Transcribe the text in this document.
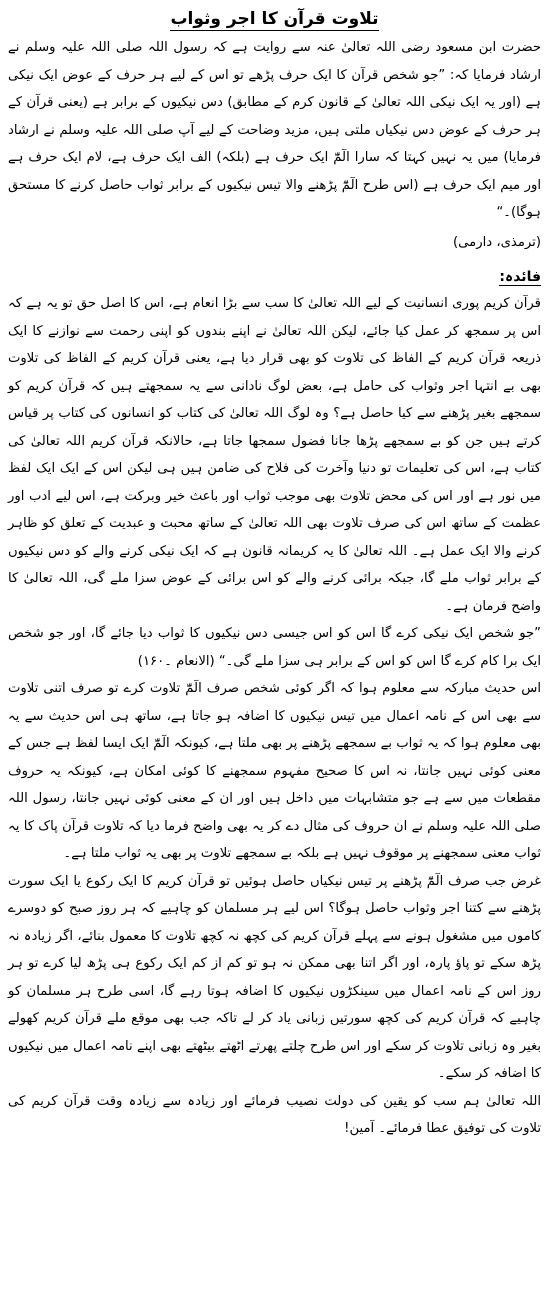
تلاوت قرآن کا اجر وثواب

حضرت ابن مسعود رضی اللہ تعالیٰ عنہ سے روایت ہے کہ رسول اللہ صلی اللہ علیہ وسلم نے ارشاد فرمایا کہ: ”جو شخص قرآن کا ایک حرف پڑھے تو اس کے لیے ہر حرف کے عوض ایک نیکی ہے (اور یہ ایک نیکی اللہ تعالیٰ کے قانون کرم کے مطابق) دس نیکیوں کے برابر ہے (یعنی قرآن کے ہر حرف کے عوض دس نیکیاں ملتی ہیں، مزید وضاحت کے لیے آپ صلی اللہ علیہ وسلم نے ارشاد فرمایا) میں یہ نہیں کہتا کہ سارا الٓمّٓ ایک حرف ہے (بلکہ) الف ایک حرف ہے، لام ایک حرف ہے اور میم ایک حرف ہے (اس طرح الٓمّٓ پڑھنے والا تیس نیکیوں کے برابر ثواب حاصل کرنے کا مستحق ہوگا)۔“

(ترمذی، دارمی)

فائدہ:

قرآن کریم پوری انسانیت کے لیے اللہ تعالیٰ کا سب سے بڑا انعام ہے، اس کا اصل حق تو یہ ہے کہ اس پر سمجھ کر عمل کیا جائے، لیکن اللہ تعالیٰ نے اپنے بندوں کو اپنی رحمت سے نوازنے کا ایک ذریعہ قرآن کریم کے الفاظ کی تلاوت کو بھی قرار دیا ہے، یعنی قرآن کریم کے الفاظ کی تلاوت بھی بے انتہا اجر وثواب کی حامل ہے، بعض لوگ نادانی سے یہ سمجھتے ہیں کہ قرآن کریم کو سمجھے بغیر پڑھنے سے کیا حاصل ہے؟ وہ لوگ اللہ تعالیٰ کی کتاب کو انسانوں کی کتاب پر قیاس کرتے ہیں جن کو بے سمجھے پڑھا جانا فضول سمجھا جاتا ہے، حالانکہ قرآن کریم اللہ تعالیٰ کی کتاب ہے، اس کی تعلیمات تو دنیا وآخرت کی فلاح کی ضامن ہیں ہی لیکن اس کے ایک ایک لفظ میں نور ہے اور اس کی محض تلاوت بھی موجب ثواب اور باعث خیر وبرکت ہے، اس لیے ادب اور عظمت کے ساتھ اس کی صرف تلاوت بھی اللہ تعالیٰ کے ساتھ محبت و عبدیت کے تعلق کو ظاہر کرنے والا ایک عمل ہے۔ اللہ تعالیٰ کا یہ کریمانہ قانون ہے کہ ایک نیکی کرنے والے کو دس نیکیوں کے برابر ثواب ملے گا، جبکہ برائی کرنے والے کو اس برائی کے عوض سزا ملے گی، اللہ تعالیٰ کا واضح فرمان ہے۔

”جو شخص ایک نیکی کرے گا اس کو اس جیسی دس نیکیوں کا ثواب دیا جائے گا، اور جو شخص ایک برا کام کرے گا اس کو اس کے برابر ہی سزا ملے گی۔“ (الانعام ۔۱۶۰)

اس حدیث مبارکہ سے معلوم ہوا کہ اگر کوئی شخص صرف الٓمّٓ تلاوت کرے تو صرف اتنی تلاوت سے بھی اس کے نامہ اعمال میں تیس نیکیوں کا اضافہ ہو جاتا ہے، ساتھ ہی اس حدیث سے یہ بھی معلوم ہوا کہ یہ ثواب بے سمجھے پڑھنے پر بھی ملتا ہے، کیونکہ الٓمّٓ ایک ایسا لفظ ہے جس کے معنی کوئی نہیں جانتا، نہ اس کا صحیح مفہوم سمجھنے کا کوئی امکان ہے، کیونکہ یہ حروف مقطعات میں سے ہے جو متشابہات میں داخل ہیں اور ان کے معنی کوئی نہیں جانتا، رسول اللہ صلی اللہ علیہ وسلم نے ان حروف کی مثال دے کر یہ بھی واضح فرما دیا کہ تلاوت قرآن پاک کا یہ ثواب معنی سمجھنے پر موقوف نہیں ہے بلکہ بے سمجھے تلاوت پر بھی یہ ثواب ملتا ہے۔

غرض جب صرف الٓمّٓ پڑھنے پر تیس نیکیاں حاصل ہوئیں تو قرآن کریم کا ایک رکوع یا ایک سورت پڑھنے سے کتنا اجر وثواب حاصل ہوگا؟ اس لیے ہر مسلمان کو چاہیے کہ ہر روز صبح کو دوسرے کاموں میں مشغول ہونے سے پہلے قرآن کریم کی کچھ نہ کچھ تلاوت کا معمول بنائے، اگر زیادہ نہ پڑھ سکے تو پاؤ پارہ، اور اگر اتنا بھی ممکن نہ ہو تو کم از کم ایک رکوع ہی پڑھ لیا کرے تو ہر روز اس کے نامہ اعمال میں سینکڑوں نیکیوں کا اضافہ ہوتا رہے گا، اسی طرح ہر مسلمان کو چاہیے کہ قرآن کریم کی کچھ سورتیں زبانی یاد کر لے تاکہ جب بھی موقع ملے قرآن کریم کھولے بغیر وہ زبانی تلاوت کر سکے اور اس طرح چلتے پھرتے اٹھتے بیٹھتے بھی اپنے نامہ اعمال میں نیکیوں کا اضافہ کر سکے۔

اللہ تعالیٰ ہم سب کو یقین کی دولت نصیب فرمائے اور زیادہ سے زیادہ وقت قرآن کریم کی تلاوت کی توفیق عطا فرمائے۔ آمین!
